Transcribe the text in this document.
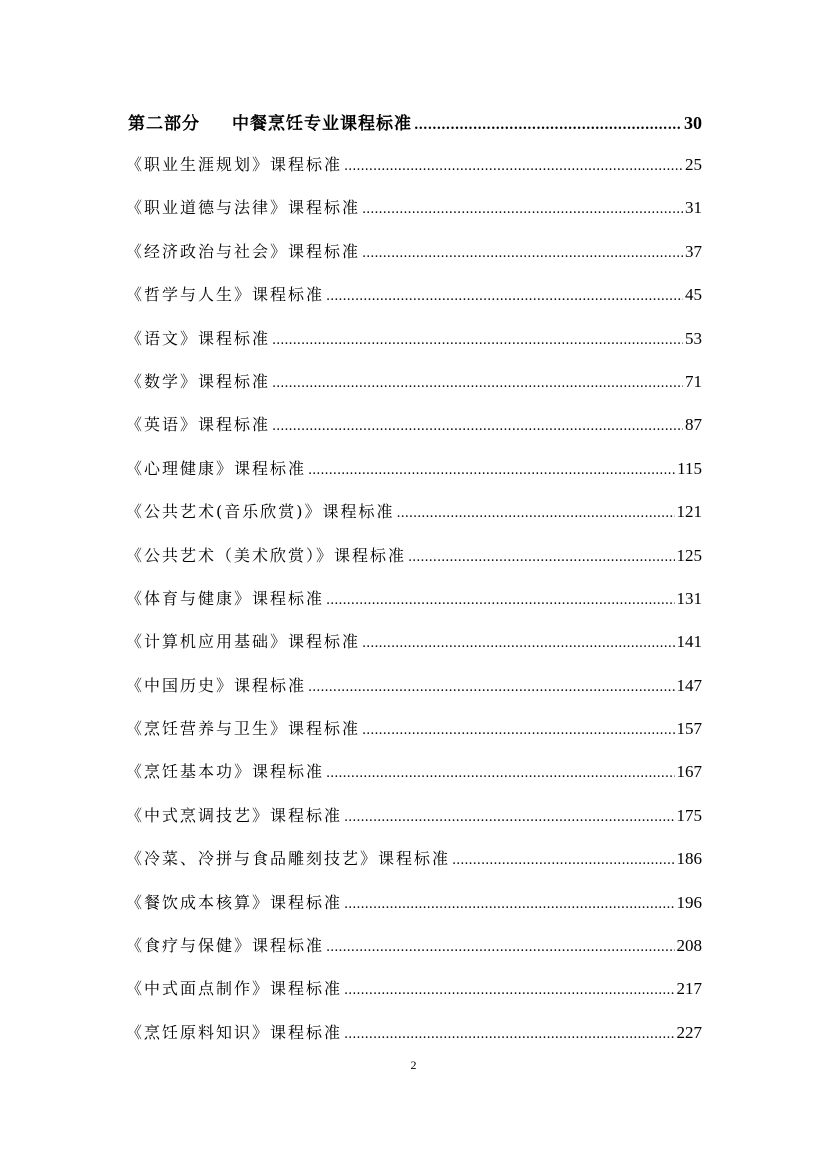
第二部分 中餐烹饪专业课程标准 .....	30
《职业生涯规划》课程标准 .....	25
《职业道德与法律》课程标准 .....	31
《经济政治与社会》课程标准 .....	37
《哲学与人生》课程标准 .....	45
《语文》课程标准 .....	53
《数学》课程标准 .....	71
《英语》课程标准 .....	87
《心理健康》课程标准 .....	115
《公共艺术(音乐欣赏)》课程标准 .....	121
《公共艺术（美术欣赏）》课程标准 .....	125
《体育与健康》课程标准 .....	131
《计算机应用基础》课程标准 .....	141
《中国历史》课程标准 .....	147
《烹饪营养与卫生》课程标准 .....	157
《烹饪基本功》课程标准 .....	167
《中式烹调技艺》课程标准 .....	175
《冷菜、冷拼与食品雕刻技艺》课程标准 .....	186
《餐饮成本核算》课程标准 .....	196
《食疗与保健》课程标准 .....	208
《中式面点制作》课程标准 .....	217
《烹饪原料知识》课程标准 .....	227
2
